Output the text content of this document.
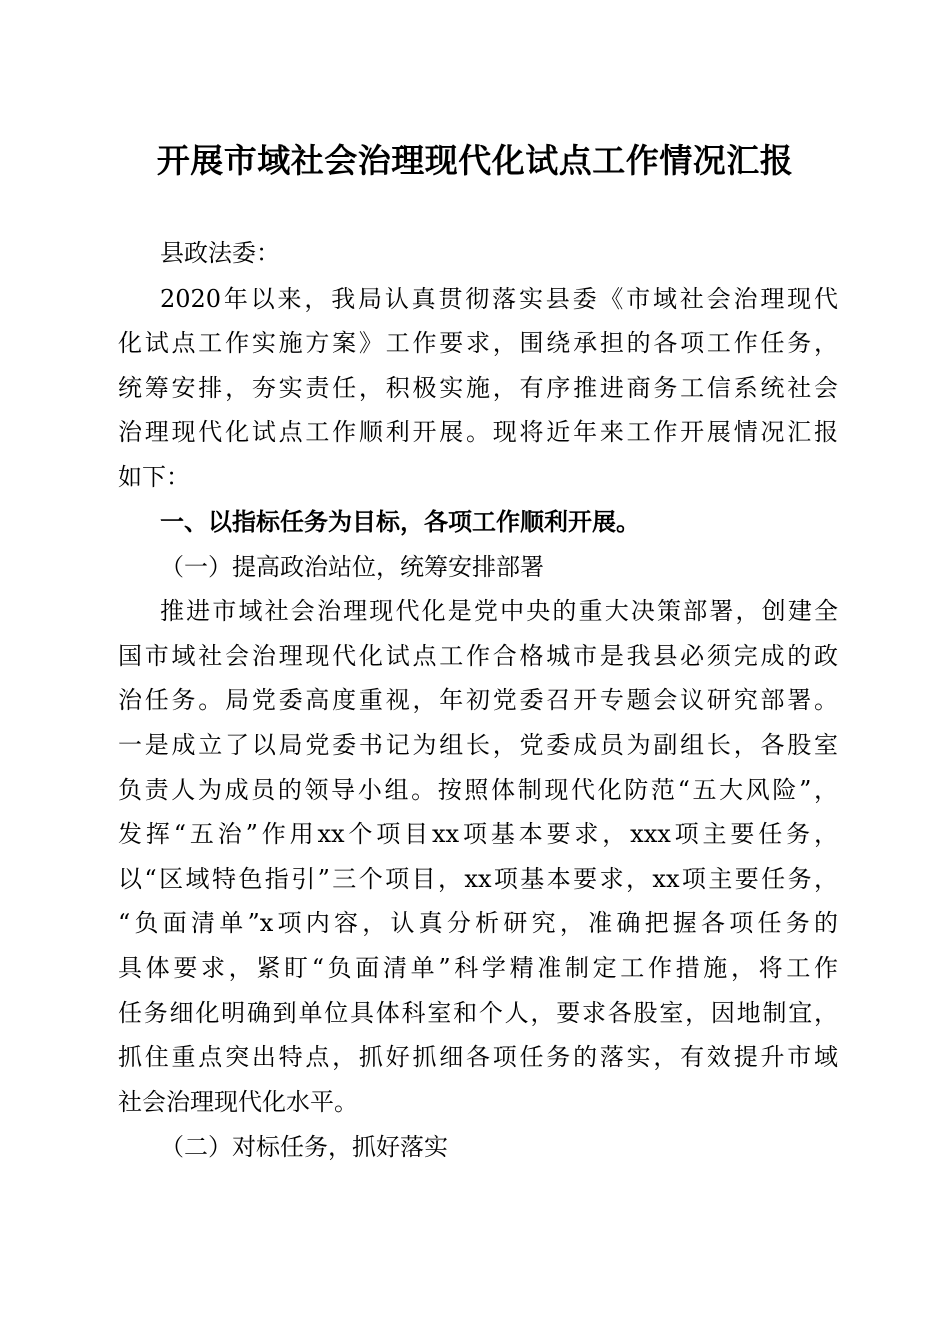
开展市域社会治理现代化试点工作情况汇报
县政法委：
2020年以来，我局认真贯彻落实县委《市域社会治理现代
化试点工作实施方案》工作要求，围绕承担的各项工作任务，
统筹安排，夯实责任，积极实施，有序推进商务工信系统社会
治理现代化试点工作顺利开展。现将近年来工作开展情况汇报
如下：
一、以指标任务为目标，各项工作顺利开展。
（一）提高政治站位，统筹安排部署
推进市域社会治理现代化是党中央的重大决策部署，创建全
国市域社会治理现代化试点工作合格城市是我县必须完成的政
治任务。局党委高度重视，年初党委召开专题会议研究部署。
一是成立了以局党委书记为组长，党委成员为副组长，各股室
负责人为成员的领导小组。按照体制现代化防范“五大风险”，
发挥“五治”作用xx个项目xx项基本要求，xxx项主要任务，
以“区域特色指引”三个项目，xx项基本要求，xx项主要任务，
“负面清单”x项内容，认真分析研究，准确把握各项任务的
具体要求，紧盯“负面清单”科学精准制定工作措施，将工作
任务细化明确到单位具体科室和个人，要求各股室，因地制宜，
抓住重点突出特点，抓好抓细各项任务的落实，有效提升市域
社会治理现代化水平。
（二）对标任务，抓好落实
